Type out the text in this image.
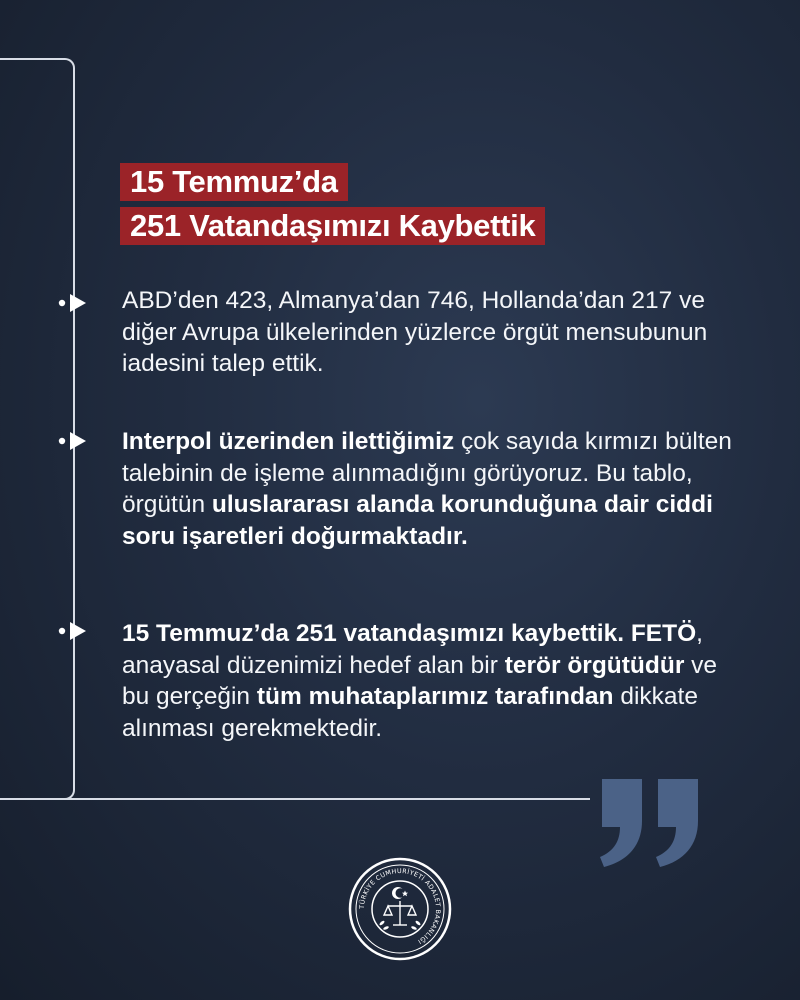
15 Temmuz’da
251 Vatandaşımızı Kaybettik
ABD’den 423, Almanya’dan 746, Hollanda’dan 217 ve diğer Avrupa ülkelerinden yüzlerce örgüt mensubunun iadesini talep ettik.
Interpol üzerinden ilettiğimiz çok sayıda kırmızı bülten talebinin de işleme alınmadığını görüyoruz. Bu tablo, örgütün uluslararası alanda korunduğuna dair ciddi soru işaretleri doğurmaktadır.
15 Temmuz’da 251 vatandaşımızı kaybettik. FETÖ, anayasal düzenimizi hedef alan bir terör örgütüdür ve bu gerçeğin tüm muhataplarımız tarafından dikkate alınması gerekmektedir.
TÜRKİYE CUMHURİYETİ ADALET BAKANLIĞI
